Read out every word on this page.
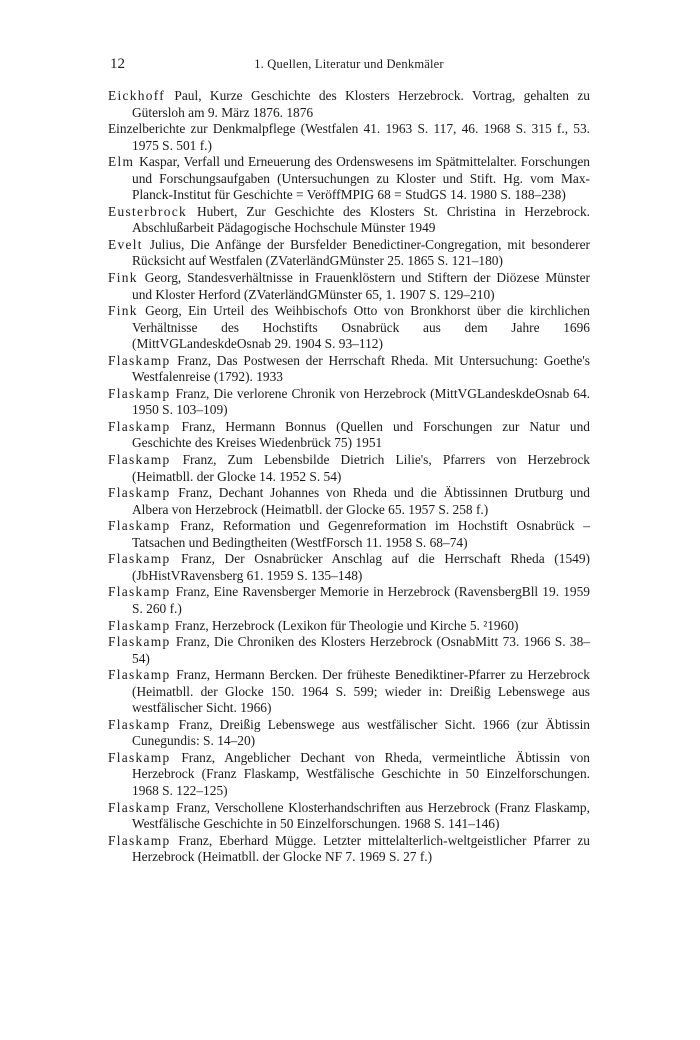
12	1. Quellen, Literatur und Denkmäler
Eickhoff Paul, Kurze Geschichte des Klosters Herzebrock. Vortrag, gehalten zu Gütersloh am 9. März 1876. 1876
Einzelberichte zur Denkmalpflege (Westfalen 41. 1963 S. 117, 46. 1968 S. 315 f., 53. 1975 S. 501 f.)
Elm Kaspar, Verfall und Erneuerung des Ordenswesens im Spätmittelalter. Forschungen und Forschungsaufgaben (Untersuchungen zu Kloster und Stift. Hg. vom Max-Planck-Institut für Geschichte = VeröffMPIG 68 = StudGS 14. 1980 S. 188–238)
Eusterbrock Hubert, Zur Geschichte des Klosters St. Christina in Herzebrock. Abschlußarbeit Pädagogische Hochschule Münster 1949
Evelt Julius, Die Anfänge der Bursfelder Benedictiner-Congregation, mit besonderer Rücksicht auf Westfalen (ZVaterländGMünster 25. 1865 S. 121–180)
Fink Georg, Standesverhältnisse in Frauenklöstern und Stiftern der Diözese Münster und Kloster Herford (ZVaterländGMünster 65, 1. 1907 S. 129–210)
Fink Georg, Ein Urteil des Weihbischofs Otto von Bronkhorst über die kirchlichen Verhältnisse des Hochstifts Osnabrück aus dem Jahre 1696 (MittVGLandeskdeOsnab 29. 1904 S. 93–112)
Flaskamp Franz, Das Postwesen der Herrschaft Rheda. Mit Untersuchung: Goethe's Westfalenreise (1792). 1933
Flaskamp Franz, Die verlorene Chronik von Herzebrock (MittVGLandeskdeOsnab 64. 1950 S. 103–109)
Flaskamp Franz, Hermann Bonnus (Quellen und Forschungen zur Natur und Geschichte des Kreises Wiedenbrück 75) 1951
Flaskamp Franz, Zum Lebensbilde Dietrich Lilie's, Pfarrers von Herzebrock (Heimatbll. der Glocke 14. 1952 S. 54)
Flaskamp Franz, Dechant Johannes von Rheda und die Äbtissinnen Drutburg und Albera von Herzebrock (Heimatbll. der Glocke 65. 1957 S. 258 f.)
Flaskamp Franz, Reformation und Gegenreformation im Hochstift Osnabrück – Tatsachen und Bedingtheiten (WestfForsch 11. 1958 S. 68–74)
Flaskamp Franz, Der Osnabrücker Anschlag auf die Herrschaft Rheda (1549) (JbHistVRavensberg 61. 1959 S. 135–148)
Flaskamp Franz, Eine Ravensberger Memorie in Herzebrock (RavensbergBll 19. 1959 S. 260 f.)
Flaskamp Franz, Herzebrock (Lexikon für Theologie und Kirche 5. ²1960)
Flaskamp Franz, Die Chroniken des Klosters Herzebrock (OsnabMitt 73. 1966 S. 38–54)
Flaskamp Franz, Hermann Bercken. Der früheste Benediktiner-Pfarrer zu Herzebrock (Heimatbll. der Glocke 150. 1964 S. 599; wieder in: Dreißig Lebenswege aus westfälischer Sicht. 1966)
Flaskamp Franz, Dreißig Lebenswege aus westfälischer Sicht. 1966 (zur Äbtissin Cunegundis: S. 14–20)
Flaskamp Franz, Angeblicher Dechant von Rheda, vermeintliche Äbtissin von Herzebrock (Franz Flaskamp, Westfälische Geschichte in 50 Einzelforschungen. 1968 S. 122–125)
Flaskamp Franz, Verschollene Klosterhandschriften aus Herzebrock (Franz Flaskamp, Westfälische Geschichte in 50 Einzelforschungen. 1968 S. 141–146)
Flaskamp Franz, Eberhard Mügge. Letzter mittelalterlich-weltgeistlicher Pfarrer zu Herzebrock (Heimatbll. der Glocke NF 7. 1969 S. 27 f.)
